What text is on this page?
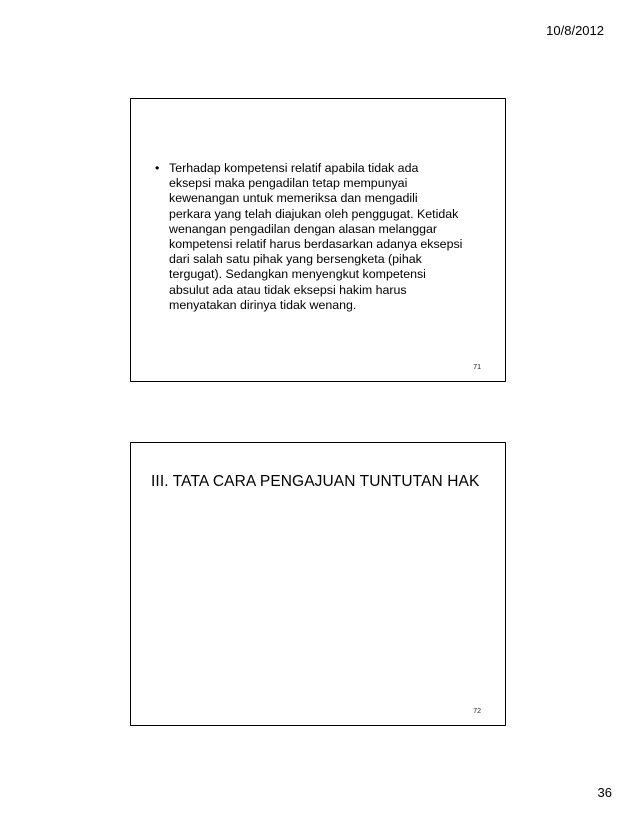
10/8/2012
• Terhadap kompetensi relatif apabila tidak ada
eksepsi maka pengadilan tetap mempunyai
kewenangan untuk memeriksa dan mengadili
perkara yang telah diajukan oleh penggugat. Ketidak
wenangan pengadilan dengan alasan melanggar
kompetensi relatif harus berdasarkan adanya eksepsi
dari salah satu pihak yang bersengketa (pihak
tergugat). Sedangkan menyengkut kompetensi
absulut ada atau tidak eksepsi hakim harus
menyatakan dirinya tidak wenang.
71
III. TATA CARA PENGAJUAN TUNTUTAN HAK
72
36
